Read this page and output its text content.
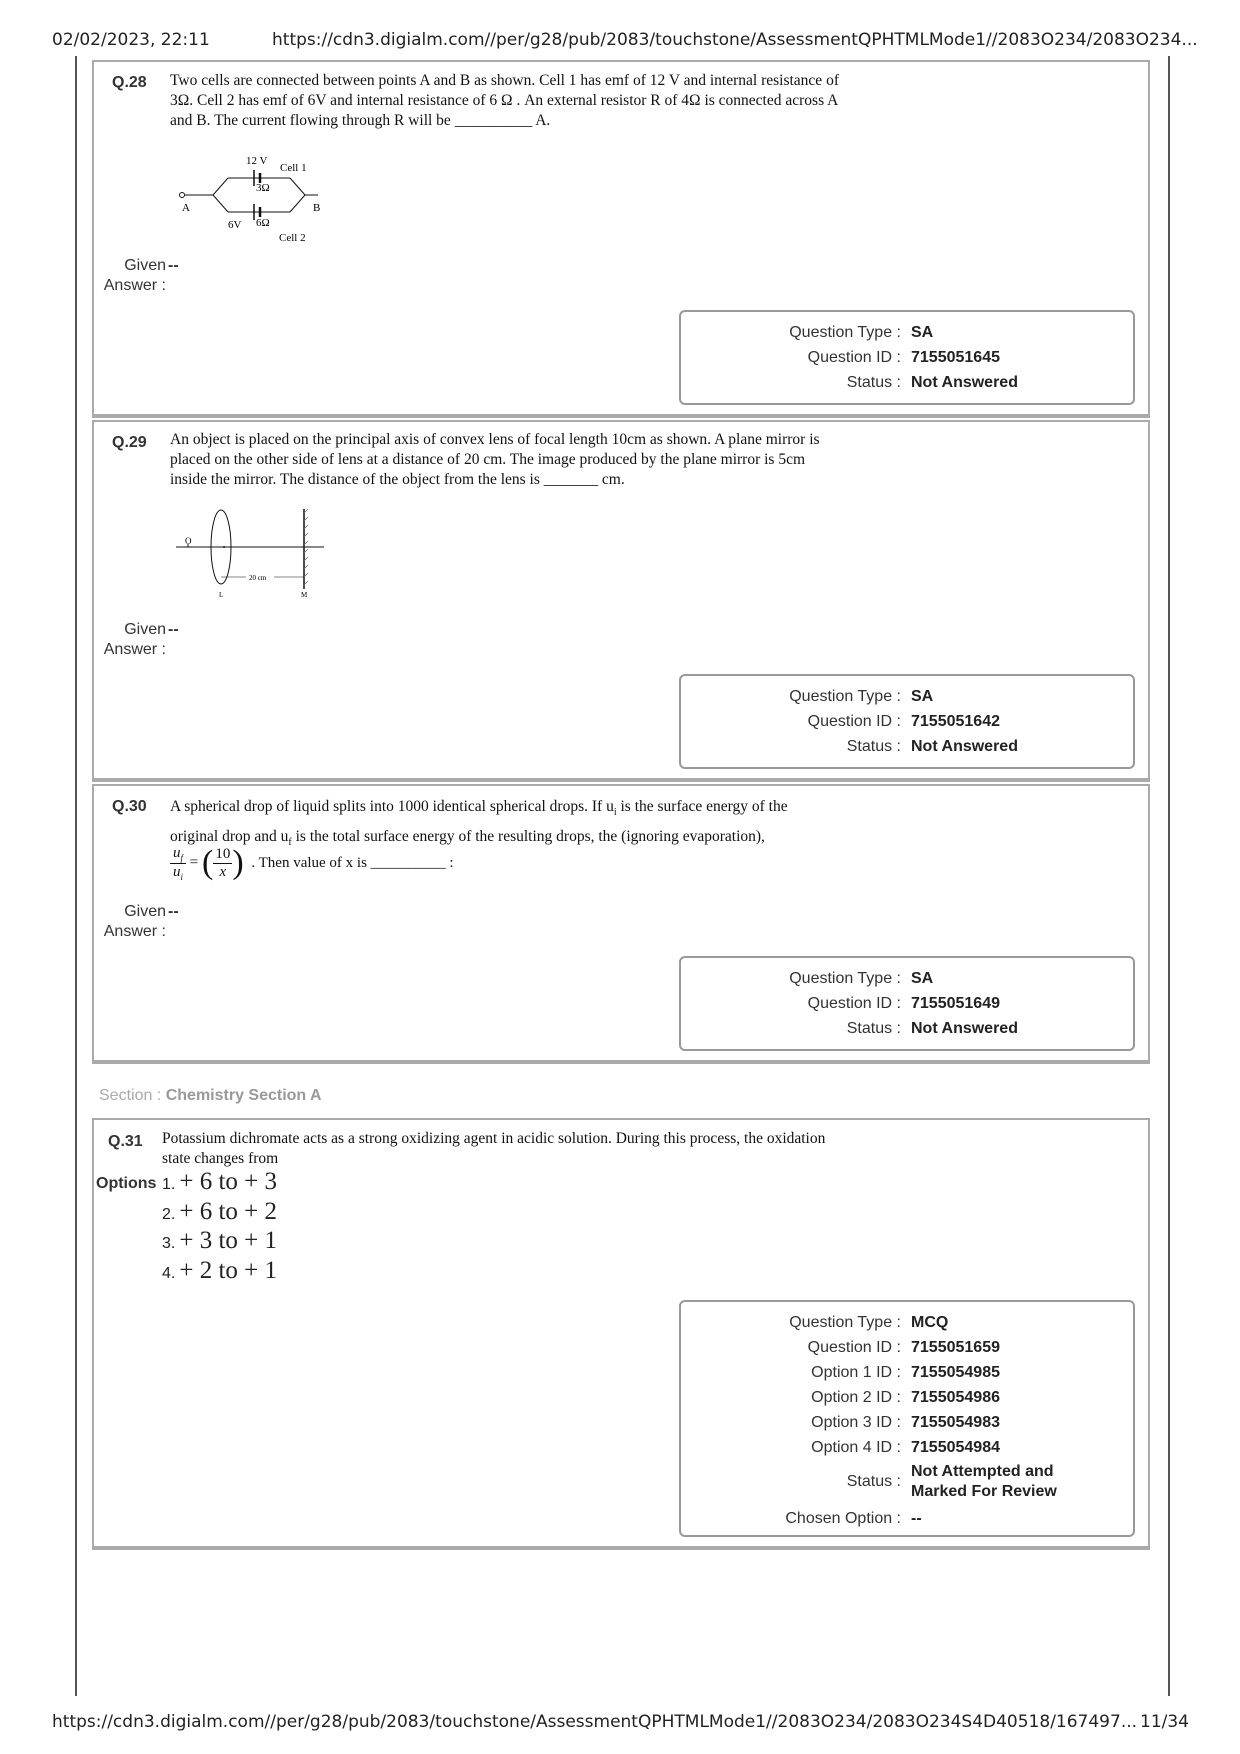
02/02/2023, 22:11	https://cdn3.digialm.com//per/g28/pub/2083/touchstone/AssessmentQPHTMLMode1//2083O234/2083O234...
Q.28 Two cells are connected between points A and B as shown. Cell 1 has emf of 12 V and internal resistance of 3Ω. Cell 2 has emf of 6V and internal resistance of 6 Ω . An external resistor R of 4Ω is connected across A and B. The current flowing through R will be __________ A.
A	B
12 V
Cell 1
3Ω
6V 6Ω
Cell 2
Given Answer :
--
Question Type : SA
Question ID : 7155051645
Status : Not Answered
Q.29 An object is placed on the principal axis of convex lens of focal length 10cm as shown. A plane mirror is placed on the other side of lens at a distance of 20 cm. The image produced by the plane mirror is 5cm inside the mirror. The distance of the object from the lens is _______ cm.
O
20 cm
L	M
Given Answer :
--
Question Type : SA
Question ID : 7155051642
Status : Not Answered
Q.30 A spherical drop of liquid splits into 1000 identical spherical drops. If $u_i$ is the surface energy of the
original drop and $u_f$ is the total surface energy of the resulting drops, the (ignoring evaporation),
$\frac{u_f}{u_i}$ = ( $\frac{10}{x}$ ) . Then value of x is __________ :
Given Answer :
--
Question Type : SA
Question ID : 7155051649
Status : Not Answered
Section : Chemistry Section A
Q.31 Potassium dichromate acts as a strong oxidizing agent in acidic solution. During this process, the oxidation state changes from
Options 1. + 6 to + 3
2. + 6 to + 2
3. + 3 to + 1
4. + 2 to + 1
Question Type : MCQ
Question ID : 7155051659
Option 1 ID : 7155054985
Option 2 ID : 7155054986
Option 3 ID : 7155054983
Option 4 ID : 7155054984
Status :
Not Attempted and
Marked For Review
Chosen Option : --
https://cdn3.digialm.com//per/g28/pub/2083/touchstone/AssessmentQPHTMLMode1//2083O234/2083O234S4D40518/167497... 11/34
